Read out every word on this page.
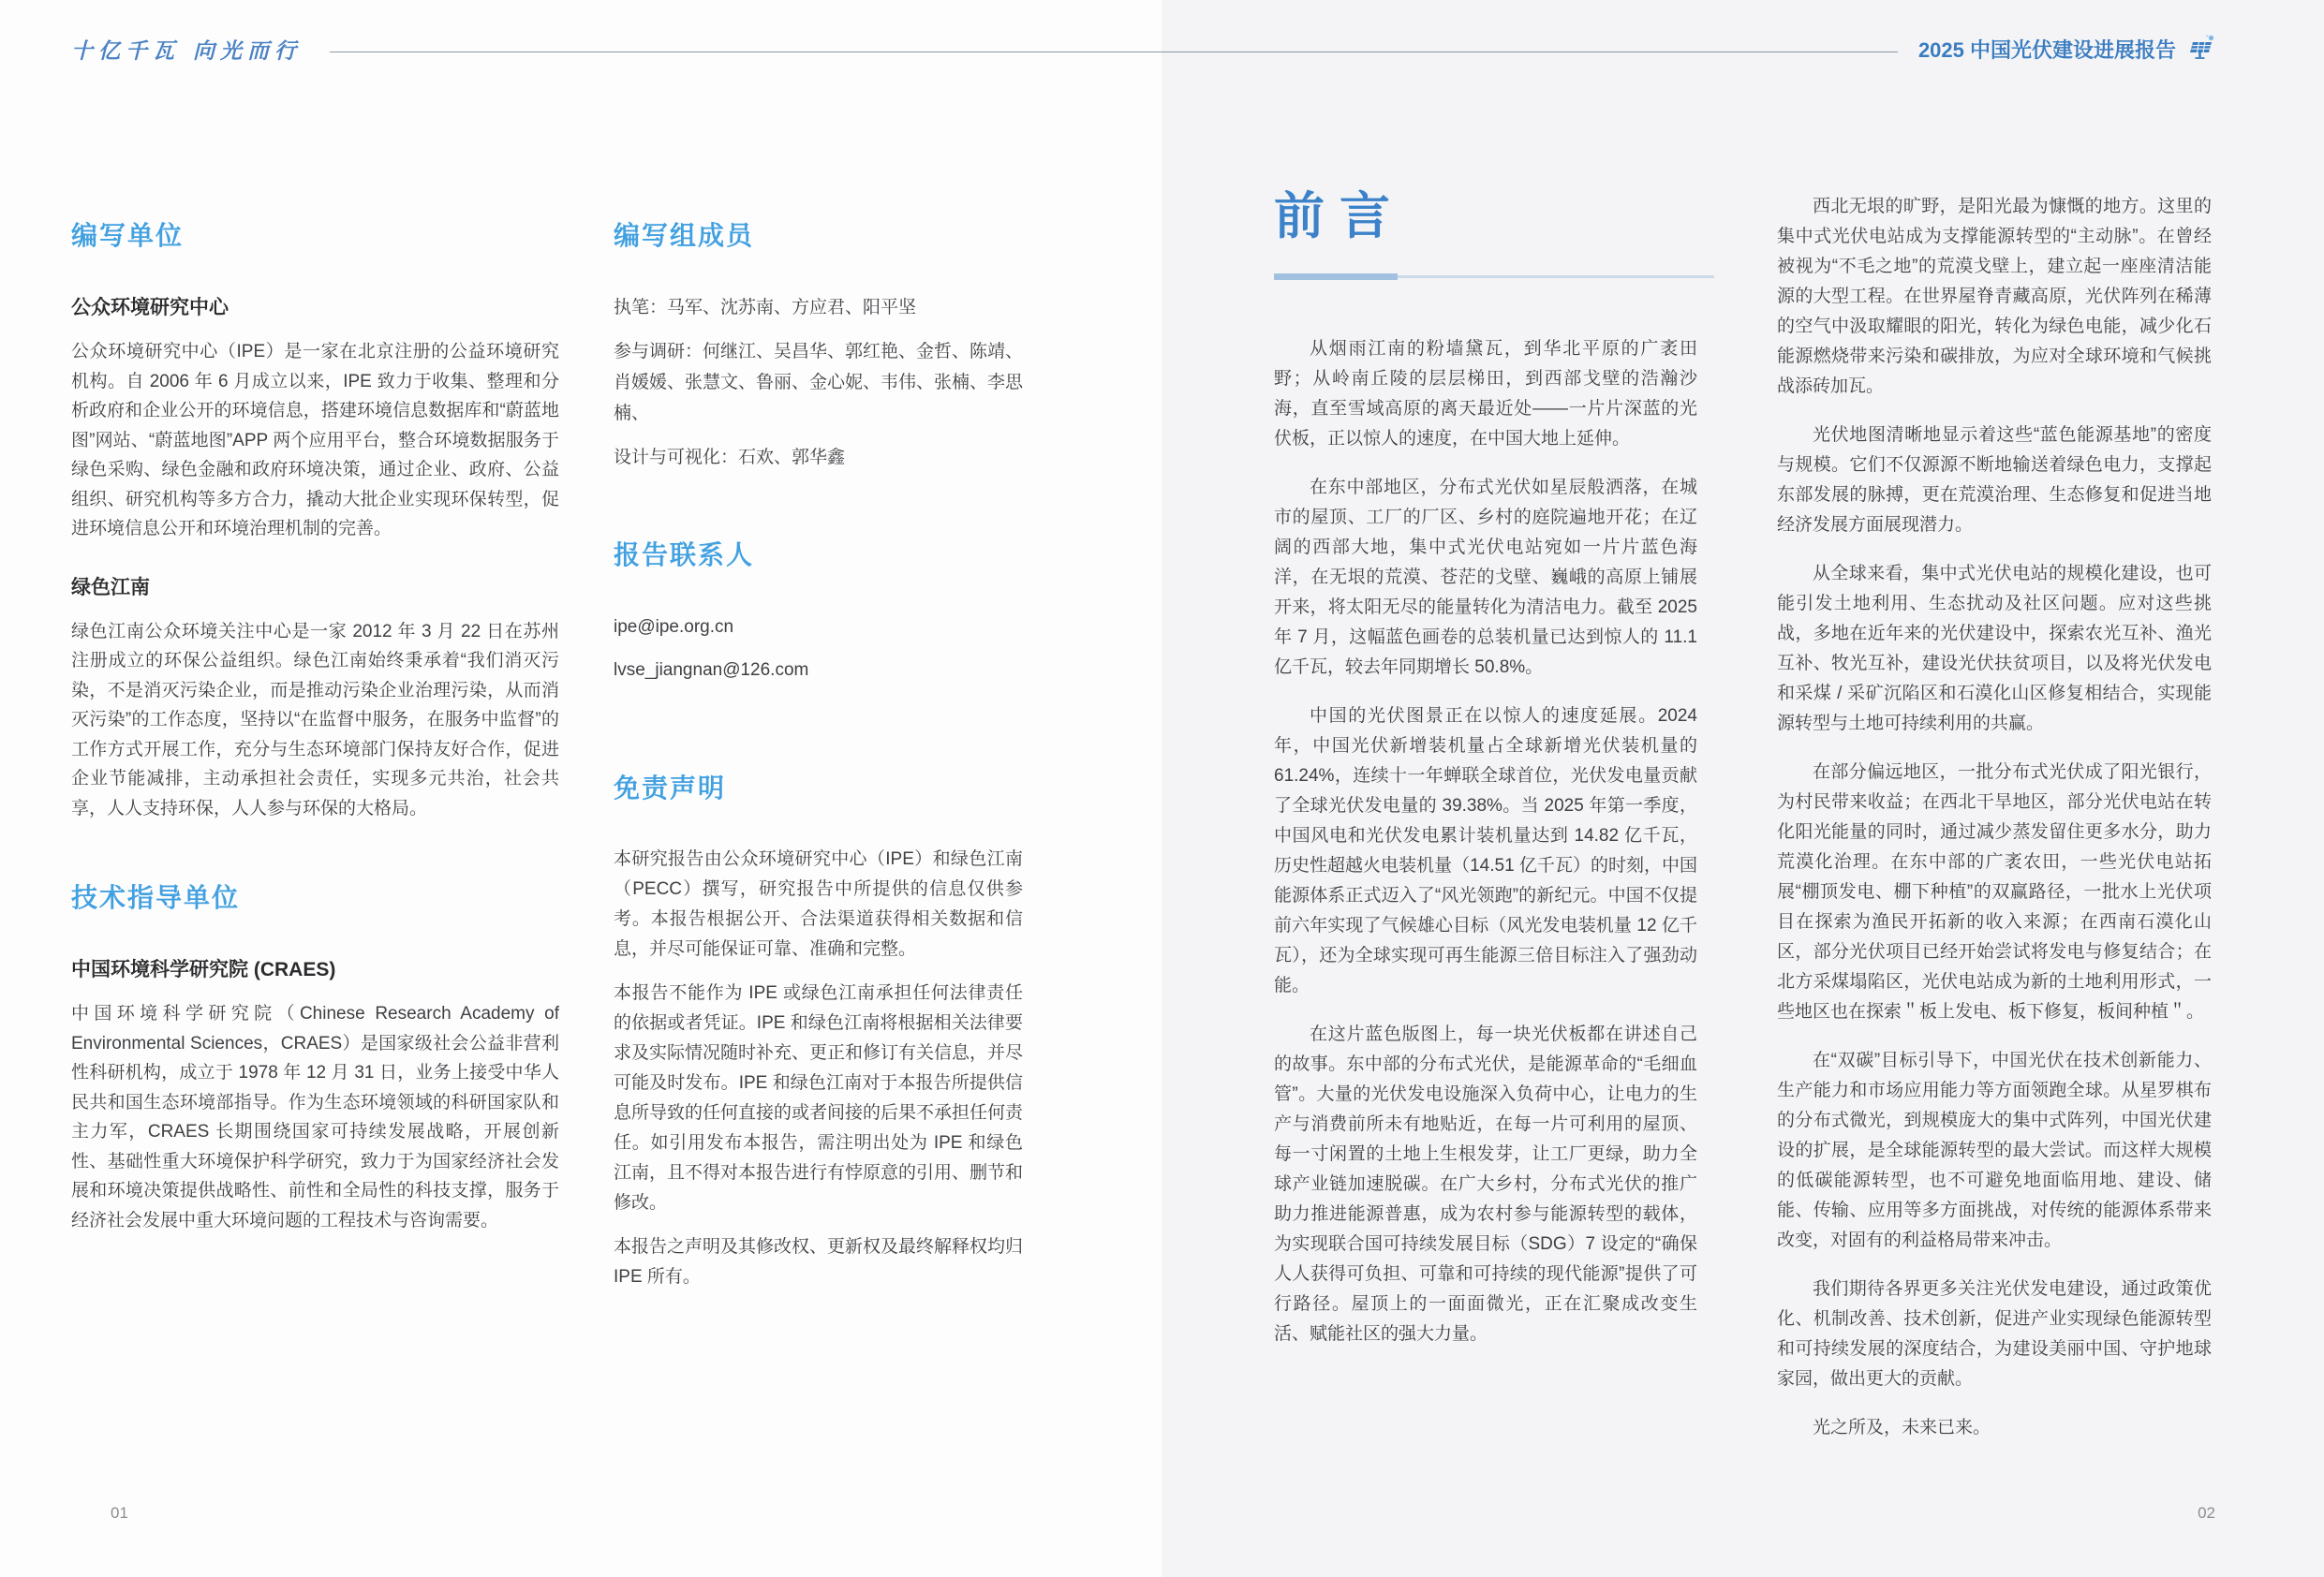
十亿千瓦 向光而行	2025 中国光伏建设进展报告
编写单位
公众环境研究中心

公众环境研究中心（IPE）是一家在北京注册的公益环境研究机构。自 2006 年 6 月成立以来，IPE 致力于收集、整理和分析政府和企业公开的环境信息，搭建环境信息数据库和“蔚蓝地图”网站、“蔚蓝地图”APP 两个应用平台，整合环境数据服务于绿色采购、绿色金融和政府环境决策，通过企业、政府、公益组织、研究机构等多方合力，撬动大批企业实现环保转型，促进环境信息公开和环境治理机制的完善。

绿色江南

绿色江南公众环境关注中心是一家 2012 年 3 月 22 日在苏州注册成立的环保公益组织。绿色江南始终秉承着“我们消灭污染，不是消灭污染企业，而是推动污染企业治理污染，从而消灭污染”的工作态度，坚持以“在监督中服务，在服务中监督”的工作方式开展工作，充分与生态环境部门保持友好合作，促进企业节能减排，主动承担社会责任，实现多元共治，社会共享，人人支持环保，人人参与环保的大格局。

技术指导单位
中国环境科学研究院 (CRAES)

中国环境科学研究院（Chinese Research Academy of Environmental Sciences，CRAES）是国家级社会公益非营利性科研机构，成立于 1978 年 12 月 31 日，业务上接受中华人民共和国生态环境部指导。作为生态环境领域的科研国家队和主力军，CRAES 长期围绕国家可持续发展战略，开展创新性、基础性重大环境保护科学研究，致力于为国家经济社会发展和环境决策提供战略性、前性和全局性的科技支撑，服务于经济社会发展中重大环境问题的工程技术与咨询需要。

编写组成员

执笔：马军、沈苏南、方应君、阳平坚

参与调研：何继江、吴昌华、郭红艳、金哲、陈靖、肖媛媛、张慧文、鲁丽、金心妮、韦伟、张楠、李思楠、

设计与可视化：石欢、郭华鑫

报告联系人

ipe@ipe.org.cn

lvse_jiangnan@126.com

免责声明

本研究报告由公众环境研究中心（IPE）和绿色江南（PECC）撰写，研究报告中所提供的信息仅供参考。本报告根据公开、合法渠道获得相关数据和信息，并尽可能保证可靠、准确和完整。

本报告不能作为 IPE 或绿色江南承担任何法律责任的依据或者凭证。IPE 和绿色江南将根据相关法律要求及实际情况随时补充、更正和修订有关信息，并尽可能及时发布。IPE 和绿色江南对于本报告所提供信息所导致的任何直接的或者间接的后果不承担任何责任。如引用发布本报告，需注明出处为 IPE 和绿色江南，且不得对本报告进行有悖原意的引用、删节和修改。

本报告之声明及其修改权、更新权及最终解释权均归 IPE 所有。

01
前言

从烟雨江南的粉墙黛瓦，到华北平原的广袤田野；从岭南丘陵的层层梯田，到西部戈壁的浩瀚沙海，直至雪域高原的离天最近处——一片片深蓝的光伏板，正以惊人的速度，在中国大地上延伸。

在东中部地区，分布式光伏如星辰般洒落，在城市的屋顶、工厂的厂区、乡村的庭院遍地开花；在辽阔的西部大地，集中式光伏电站宛如一片片蓝色海洋，在无垠的荒漠、苍茫的戈壁、巍峨的高原上铺展开来，将太阳无尽的能量转化为清洁电力。截至 2025 年 7 月，这幅蓝色画卷的总装机量已达到惊人的 11.1 亿千瓦，较去年同期增长 50.8%。

中国的光伏图景正在以惊人的速度延展。2024 年，中国光伏新增装机量占全球新增光伏装机量的 61.24%，连续十一年蝉联全球首位，光伏发电量贡献了全球光伏发电量的 39.38%。当 2025 年第一季度，中国风电和光伏发电累计装机量达到 14.82 亿千瓦，历史性超越火电装机量（14.51 亿千瓦）的时刻，中国能源体系正式迈入了“风光领跑”的新纪元。中国不仅提前六年实现了气候雄心目标（风光发电装机量 12 亿千瓦），还为全球实现可再生能源三倍目标注入了强劲动能。

在这片蓝色版图上，每一块光伏板都在讲述自己的故事。东中部的分布式光伏，是能源革命的“毛细血管”。大量的光伏发电设施深入负荷中心，让电力的生产与消费前所未有地贴近，在每一片可利用的屋顶、每一寸闲置的土地上生根发芽，让工厂更绿，助力全球产业链加速脱碳。在广大乡村，分布式光伏的推广助力推进能源普惠，成为农村参与能源转型的载体，为实现联合国可持续发展目标（SDG）7 设定的“确保人人获得可负担、可靠和可持续的现代能源”提供了可行路径。屋顶上的一面面微光，正在汇聚成改变生活、赋能社区的强大力量。

西北无垠的旷野，是阳光最为慷慨的地方。这里的集中式光伏电站成为支撑能源转型的“主动脉”。在曾经被视为“不毛之地”的荒漠戈壁上，建立起一座座清洁能源的大型工程。在世界屋脊青藏高原，光伏阵列在稀薄的空气中汲取耀眼的阳光，转化为绿色电能，减少化石能源燃烧带来污染和碳排放，为应对全球环境和气候挑战添砖加瓦。

光伏地图清晰地显示着这些“蓝色能源基地”的密度与规模。它们不仅源源不断地输送着绿色电力，支撑起东部发展的脉搏，更在荒漠治理、生态修复和促进当地经济发展方面展现潜力。

从全球来看，集中式光伏电站的规模化建设，也可能引发土地利用、生态扰动及社区问题。应对这些挑战，多地在近年来的光伏建设中，探索农光互补、渔光互补、牧光互补，建设光伏扶贫项目，以及将光伏发电和采煤 / 采矿沉陷区和石漠化山区修复相结合，实现能源转型与土地可持续利用的共赢。

在部分偏远地区，一批分布式光伏成了阳光银行，为村民带来收益；在西北干旱地区，部分光伏电站在转化阳光能量的同时，通过减少蒸发留住更多水分，助力荒漠化治理。在东中部的广袤农田，一些光伏电站拓展“棚顶发电、棚下种植”的双赢路径，一批水上光伏项目在探索为渔民开拓新的收入来源；在西南石漠化山区，部分光伏项目已经开始尝试将发电与修复结合；在北方采煤塌陷区，光伏电站成为新的土地利用形式，一些地区也在探索＂板上发电、板下修复，板间种植＂。

在“双碳”目标引导下，中国光伏在技术创新能力、生产能力和市场应用能力等方面领跑全球。从星罗棋布的分布式微光，到规模庞大的集中式阵列，中国光伏建设的扩展，是全球能源转型的最大尝试。而这样大规模的低碳能源转型，也不可避免地面临用地、建设、储能、传输、应用等多方面挑战，对传统的能源体系带来改变，对固有的利益格局带来冲击。

我们期待各界更多关注光伏发电建设，通过政策优化、机制改善、技术创新，促进产业实现绿色能源转型和可持续发展的深度结合，为建设美丽中国、守护地球家园，做出更大的贡献。

光之所及，未来已来。

02
